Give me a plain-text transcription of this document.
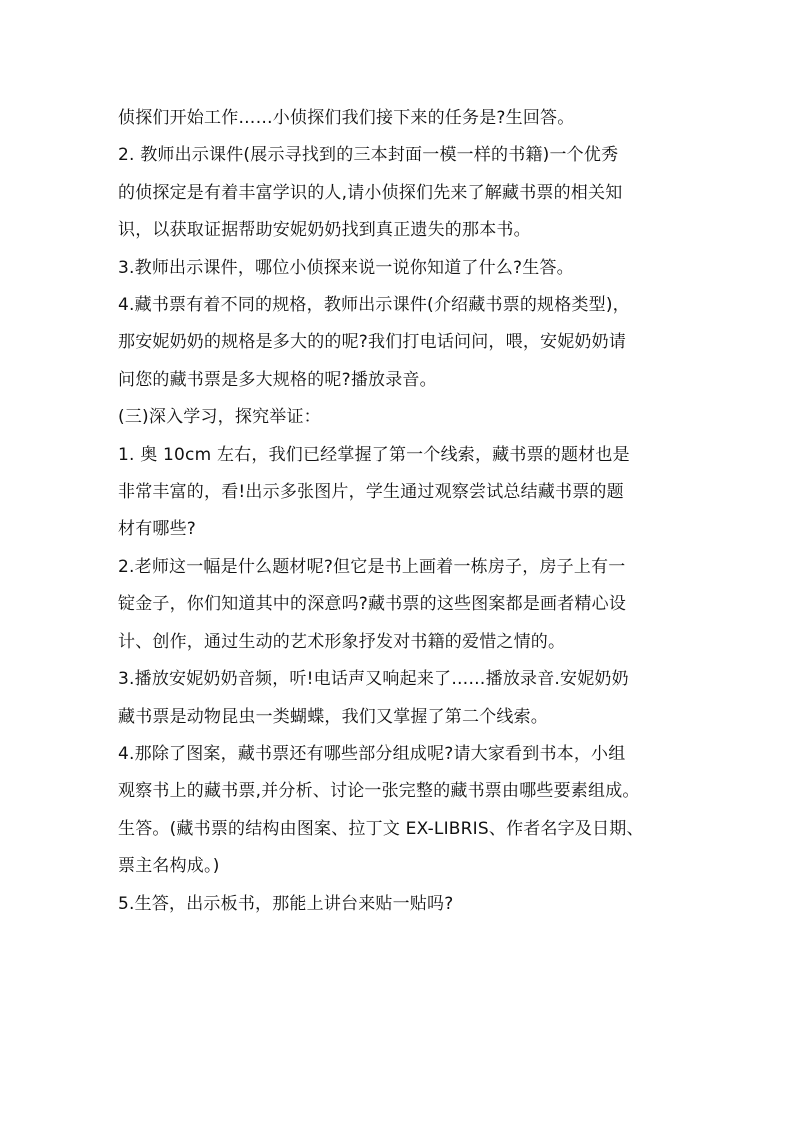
侦探们开始工作……小侦探们我们接下来的任务是?生回答。
2. 教师出示课件(展示寻找到的三本封面一模一样的书籍)一个优秀
的侦探定是有着丰富学识的人,请小侦探们先来了解藏书票的相关知
识，以获取证据帮助安妮奶奶找到真正遗失的那本书。
3.教师出示课件，哪位小侦探来说一说你知道了什么?生答。
4.藏书票有着不同的规格，教师出示课件(介绍藏书票的规格类型)，
那安妮奶奶的规格是多大的的呢?我们打电话问问，喂，安妮奶奶请
问您的藏书票是多大规格的呢?播放录音。
(三)深入学习，探究举证：
1. 奥 10cm 左右，我们已经掌握了第一个线索，藏书票的题材也是
非常丰富的，看!出示多张图片，学生通过观察尝试总结藏书票的题
材有哪些?
2.老师这一幅是什么题材呢?但它是书上画着一栋房子，房子上有一
锭金子，你们知道其中的深意吗?藏书票的这些图案都是画者精心设
计、创作，通过生动的艺术形象抒发对书籍的爱惜之情的。
3.播放安妮奶奶音频，听!电话声又响起来了……播放录音.安妮奶奶
藏书票是动物昆虫一类蝴蝶，我们又掌握了第二个线索。
4.那除了图案，藏书票还有哪些部分组成呢?请大家看到书本，小组
观察书上的藏书票,并分析、讨论一张完整的藏书票由哪些要素组成。
生答。(藏书票的结构由图案、拉丁文 EX-LIBRIS、作者名字及日期、
票主名构成。)
5.生答，出示板书，那能上讲台来贴一贴吗?
